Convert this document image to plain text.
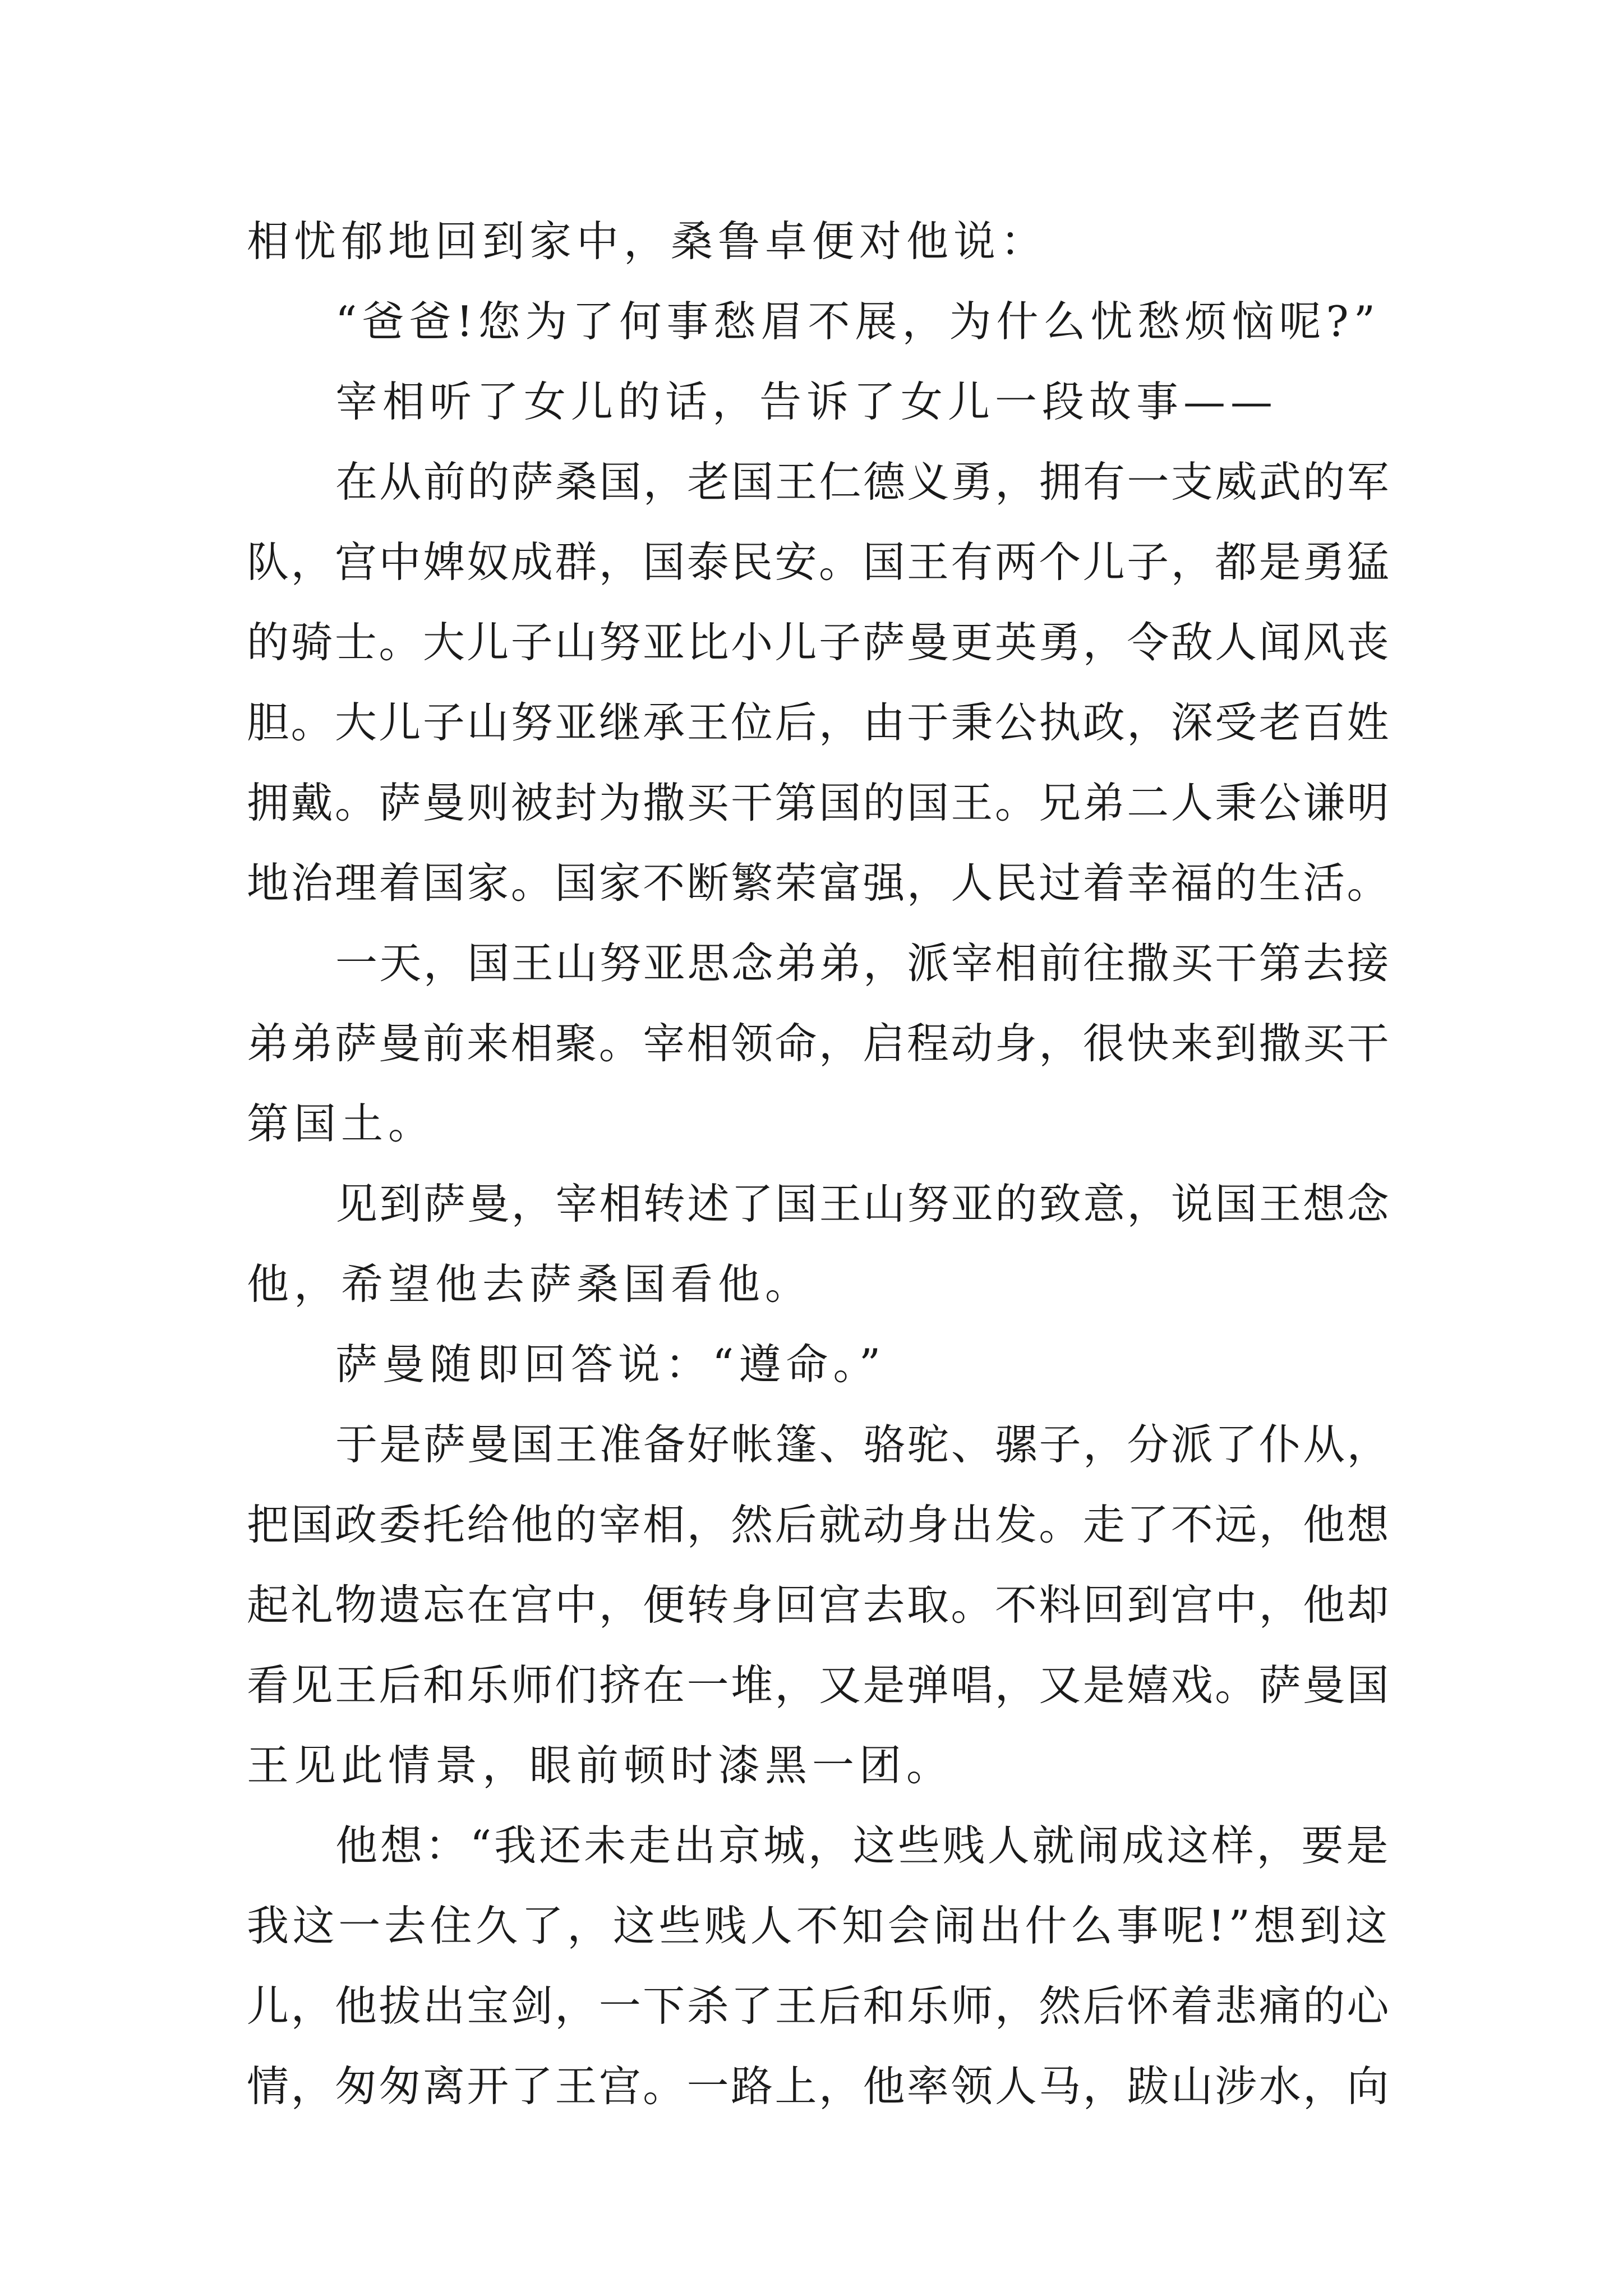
相忧郁地回到家中，桑鲁卓便对他说：

“爸爸!您为了何事愁眉不展，为什么忧愁烦恼呢?”

宰相听了女儿的话，告诉了女儿一段故事——

在从前的萨桑国，老国王仁德义勇，拥有一支威武的军

队，宫中婢奴成群，国泰民安。国王有两个儿子，都是勇猛

的骑士。大儿子山努亚比小儿子萨曼更英勇，令敌人闻风丧

胆。大儿子山努亚继承王位后，由于秉公执政，深受老百姓

拥戴。萨曼则被封为撒买干第国的国王。兄弟二人秉公谦明

地治理着国家。国家不断繁荣富强，人民过着幸福的生活。

一天，国王山努亚思念弟弟，派宰相前往撒买干第去接

弟弟萨曼前来相聚。宰相领命，启程动身，很快来到撒买干

第国土。

见到萨曼，宰相转述了国王山努亚的致意，说国王想念

他，希望他去萨桑国看他。

萨曼随即回答说：“遵命。”

于是萨曼国王准备好帐篷、骆驼、骡子，分派了仆从，

把国政委托给他的宰相，然后就动身出发。走了不远，他想

起礼物遗忘在宫中，便转身回宫去取。不料回到宫中，他却

看见王后和乐师们挤在一堆，又是弹唱，又是嬉戏。萨曼国

王见此情景，眼前顿时漆黑一团。

他想：“我还未走出京城，这些贱人就闹成这样，要是

我这一去住久了，这些贱人不知会闹出什么事呢!”想到这

儿，他拔出宝剑，一下杀了王后和乐师，然后怀着悲痛的心

情，匆匆离开了王宫。一路上，他率领人马，跋山涉水，向
